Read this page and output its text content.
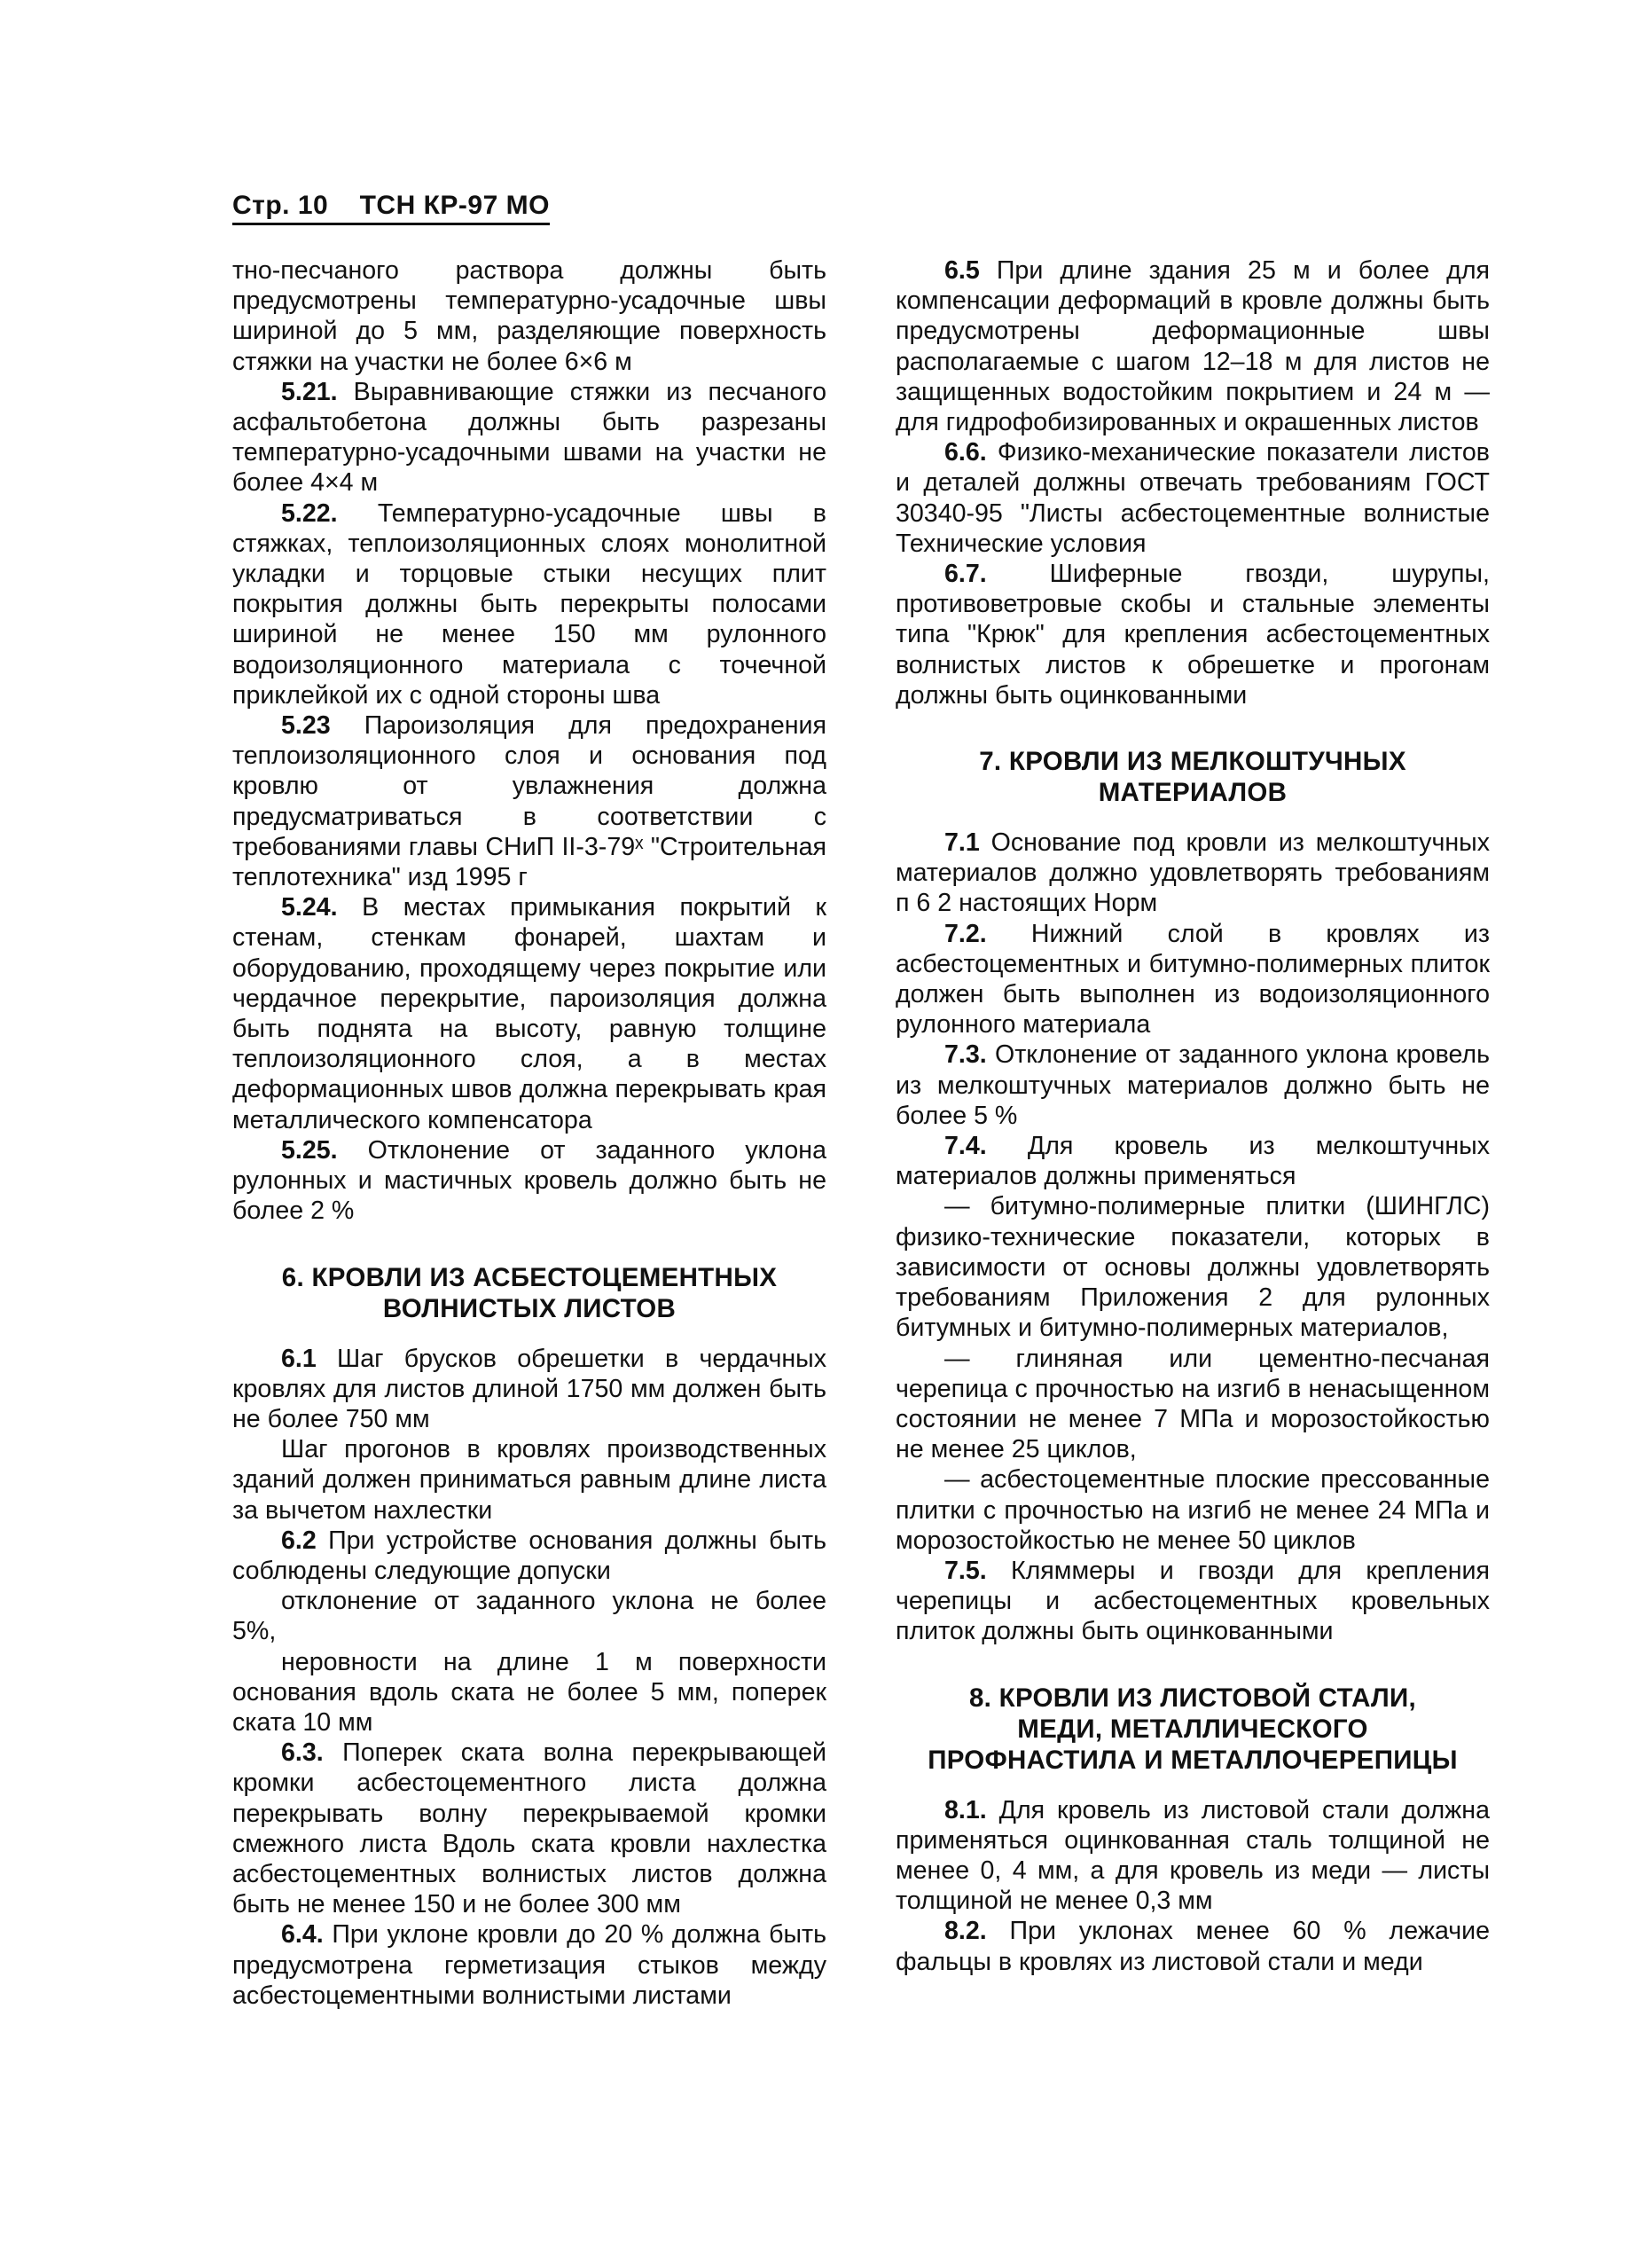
Стр. 10 ТСН КР-97 МО

тно-песчаного раствора должны быть предусмотрены температурно-усадочные швы шириной до 5 мм, разделяющие поверхность стяжки на участки не более 6×6 м

5.21. Выравнивающие стяжки из песчаного асфальтобетона должны быть разрезаны температурно-усадочными швами на участки не более 4×4 м

5.22. Температурно-усадочные швы в стяжках, теплоизоляционных слоях монолитной укладки и торцовые стыки несущих плит покрытия должны быть перекрыты полосами шириной не менее 150 мм рулонного водоизоляционного материала с точечной приклейкой их с одной стороны шва

5.23 Пароизоляция для предохранения теплоизоляционного слоя и основания под кровлю от увлажнения должна предусматриваться в соответствии с требованиями главы СНиП II-3-79ˣ "Строительная теплотехника" изд 1995 г

5.24. В местах примыкания покрытий к стенам, стенкам фонарей, шахтам и оборудованию, проходящему через покрытие или чердачное перекрытие, пароизоляция должна быть поднята на высоту, равную толщине теплоизоляционного слоя, а в местах деформационных швов должна перекрывать края металлического компенсатора

5.25. Отклонение от заданного уклона рулонных и мастичных кровель должно быть не более 2 %

6. КРОВЛИ ИЗ АСБЕСТОЦЕМЕНТНЫХ
ВОЛНИСТЫХ ЛИСТОВ

6.1 Шаг брусков обрешетки в чердачных кровлях для листов длиной 1750 мм должен быть не более 750 мм

Шаг прогонов в кровлях производственных зданий должен приниматься равным длине листа за вычетом нахлестки

6.2 При устройстве основания должны быть соблюдены следующие допуски

отклонение от заданного уклона не более 5%,

неровности на длине 1 м поверхности основания вдоль ската не более 5 мм, поперек ската 10 мм

6.3. Поперек ската волна перекрывающей кромки асбестоцементного листа должна перекрывать волну перекрываемой кромки смежного листа Вдоль ската кровли нахлестка асбестоцементных волнистых листов должна быть не менее 150 и не более 300 мм

6.4. При уклоне кровли до 20 % должна быть предусмотрена герметизация стыков между асбестоцементными волнистыми листами

6.5 При длине здания 25 м и более для компенсации деформаций в кровле должны быть предусмотрены деформационные швы располагаемые с шагом 12–18 м для листов не защищенных водостойким покрытием и 24 м — для гидрофобизированных и окрашенных листов

6.6. Физико-механические показатели листов и деталей должны отвечать требованиям ГОСТ 30340-95 "Листы асбестоцементные волнистые Технические условия

6.7. Шиферные гвозди, шурупы, противоветровые скобы и стальные элементы типа "Крюк" для крепления асбестоцементных волнистых листов к обрешетке и прогонам должны быть оцинкованными

7. КРОВЛИ ИЗ МЕЛКОШТУЧНЫХ
МАТЕРИАЛОВ

7.1 Основание под кровли из мелкоштучных материалов должно удовлетворять требованиям п 6 2 настоящих Норм

7.2. Нижний слой в кровлях из асбестоцементных и битумно-полимерных плиток должен быть выполнен из водоизоляционного рулонного материала

7.3. Отклонение от заданного уклона кровель из мелкоштучных материалов должно быть не более 5 %

7.4. Для кровель из мелкоштучных материалов должны применяться

— битумно-полимерные плитки (ШИНГЛС) физико-технические показатели, которых в зависимости от основы должны удовлетворять требованиям Приложения 2 для рулонных битумных и битумно-полимерных материалов,

— глиняная или цементно-песчаная черепица с прочностью на изгиб в ненасыщенном состоянии не менее 7 МПа и морозостойкостью не менее 25 циклов,

— асбестоцементные плоские прессованные плитки с прочностью на изгиб не менее 24 МПа и морозостойкостью не менее 50 циклов

7.5. Кляммеры и гвозди для крепления черепицы и асбестоцементных кровельных плиток должны быть оцинкованными

8. КРОВЛИ ИЗ ЛИСТОВОЙ СТАЛИ,
МЕДИ, МЕТАЛЛИЧЕСКОГО
ПРОФНАСТИЛА И МЕТАЛЛОЧЕРЕПИЦЫ

8.1. Для кровель из листовой стали должна применяться оцинкованная сталь толщиной не менее 0, 4 мм, а для кровель из меди — листы толщиной не менее 0,3 мм

8.2. При уклонах менее 60 % лежачие фальцы в кровлях из листовой стали и меди
